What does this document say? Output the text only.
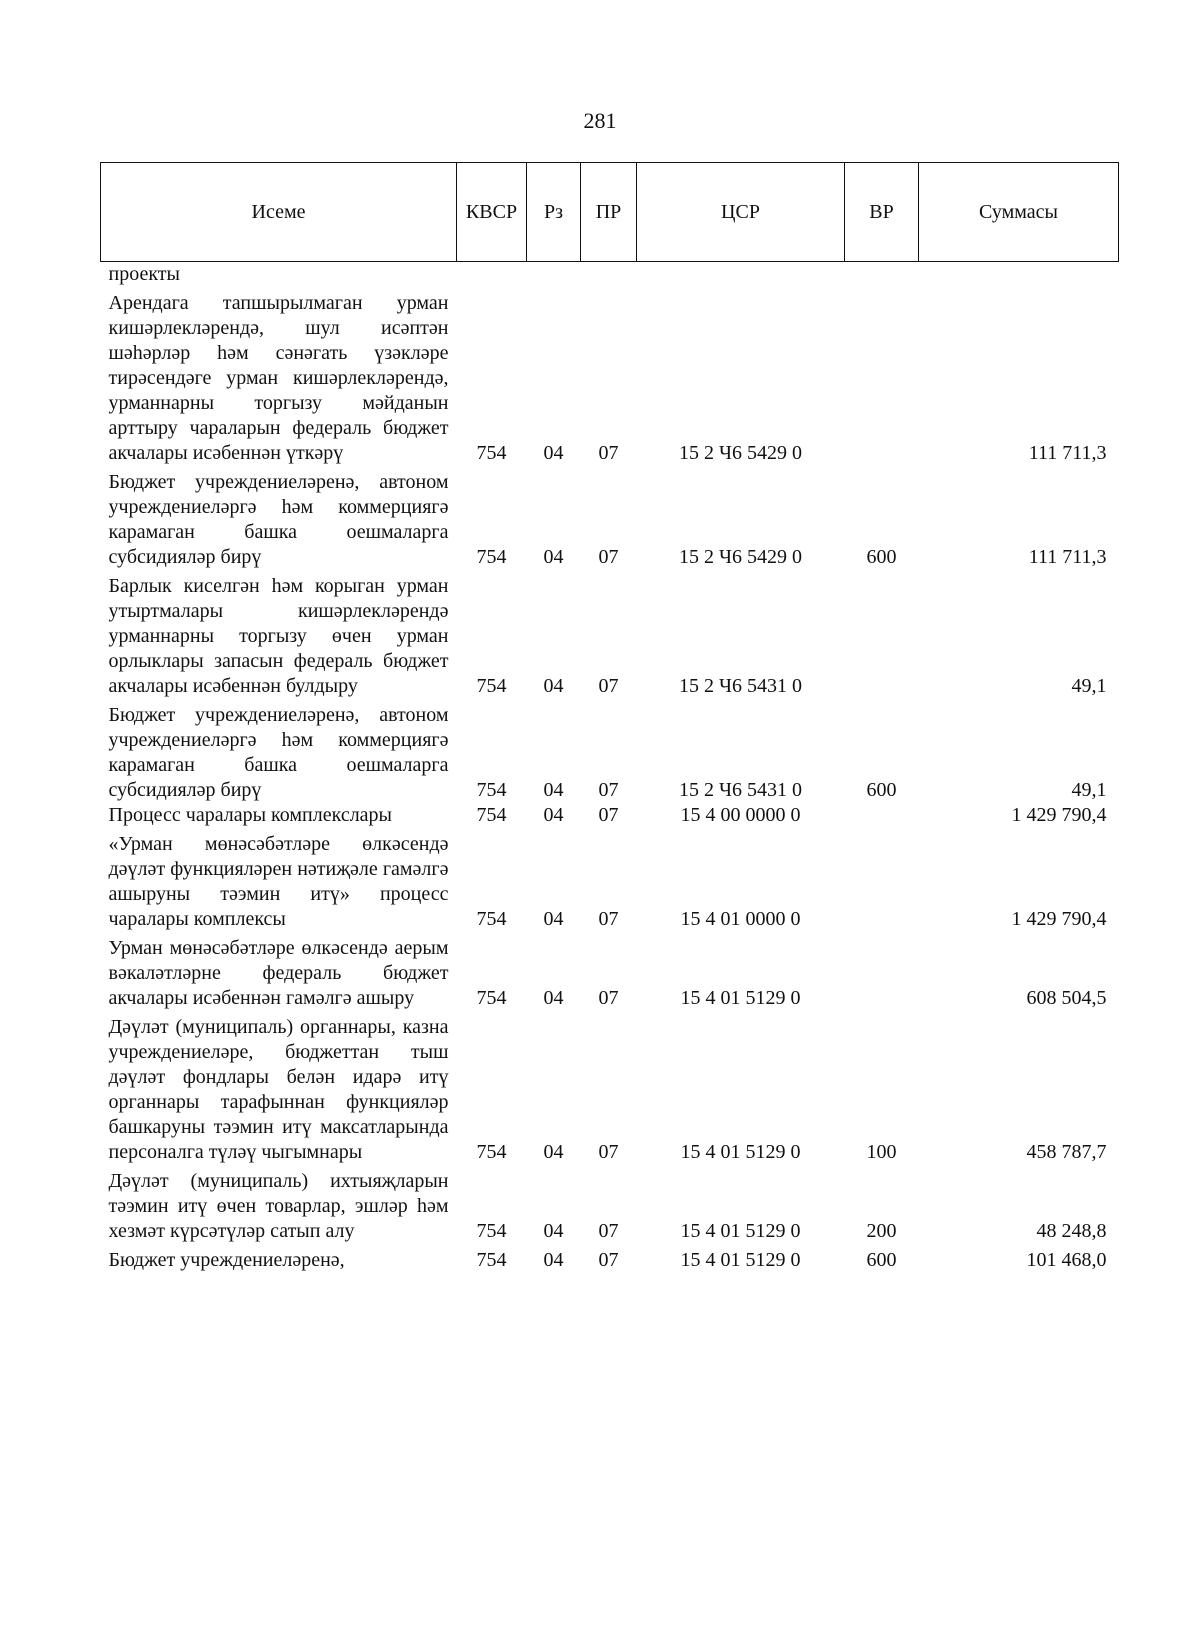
281
Исеме	КВСР	Рз	ПР	ЦСР	ВР	Суммасы
проекты						
Арендага тапшырылмаган урман кишәрлекләрендә, шул исәптән шәһәрләр һәм сәнәгать үзәкләре тирәсендәге урман кишәрлекләрендә, урманнарны торгызу мәйданын арттыру чараларын федераль бюджет акчалары исәбеннән үткәрү	754	04	07	15 2 Ч6 5429 0		111 711,3
Бюджет учреждениеләренә, автоном учреждениеләргә һәм коммерциягә карамаган башка оешмаларга субсидияләр бирү	754	04	07	15 2 Ч6 5429 0	600	111 711,3
Барлык киселгән һәм корыган урман утыртмалары кишәрлекләрендә урманнарны торгызу өчен урман орлыклары запасын федераль бюджет акчалары исәбеннән булдыру	754	04	07	15 2 Ч6 5431 0		49,1
Бюджет учреждениеләренә, автоном учреждениеләргә һәм коммерциягә карамаган башка оешмаларга субсидияләр бирү	754	04	07	15 2 Ч6 5431 0	600	49,1
Процесс чаралары комплекслары	754	04	07	15 4 00 0000 0		1 429 790,4
«Урман мөнәсәбәтләре өлкәсендә дәүләт функцияләрен нәтиҗәле гамәлгә ашыруны тәэмин итү» процесс чаралары комплексы	754	04	07	15 4 01 0000 0		1 429 790,4
Урман мөнәсәбәтләре өлкәсендә аерым вәкаләтләрне федераль бюджет акчалары исәбеннән гамәлгә ашыру	754	04	07	15 4 01 5129 0		608 504,5
Дәүләт (муниципаль) органнары, казна учреждениеләре, бюджеттан тыш дәүләт фондлары белән идарә итү органнары тарафыннан функцияләр башкаруны тәэмин итү максатларында персоналга түләү чыгымнары	754	04	07	15 4 01 5129 0	100	458 787,7
Дәүләт (муниципаль) ихтыяҗларын тәэмин итү өчен товарлар, эшләр һәм хезмәт күрсәтүләр сатып алу	754	04	07	15 4 01 5129 0	200	48 248,8
Бюджет учреждениеләренә,	754	04	07	15 4 01 5129 0	600	101 468,0
